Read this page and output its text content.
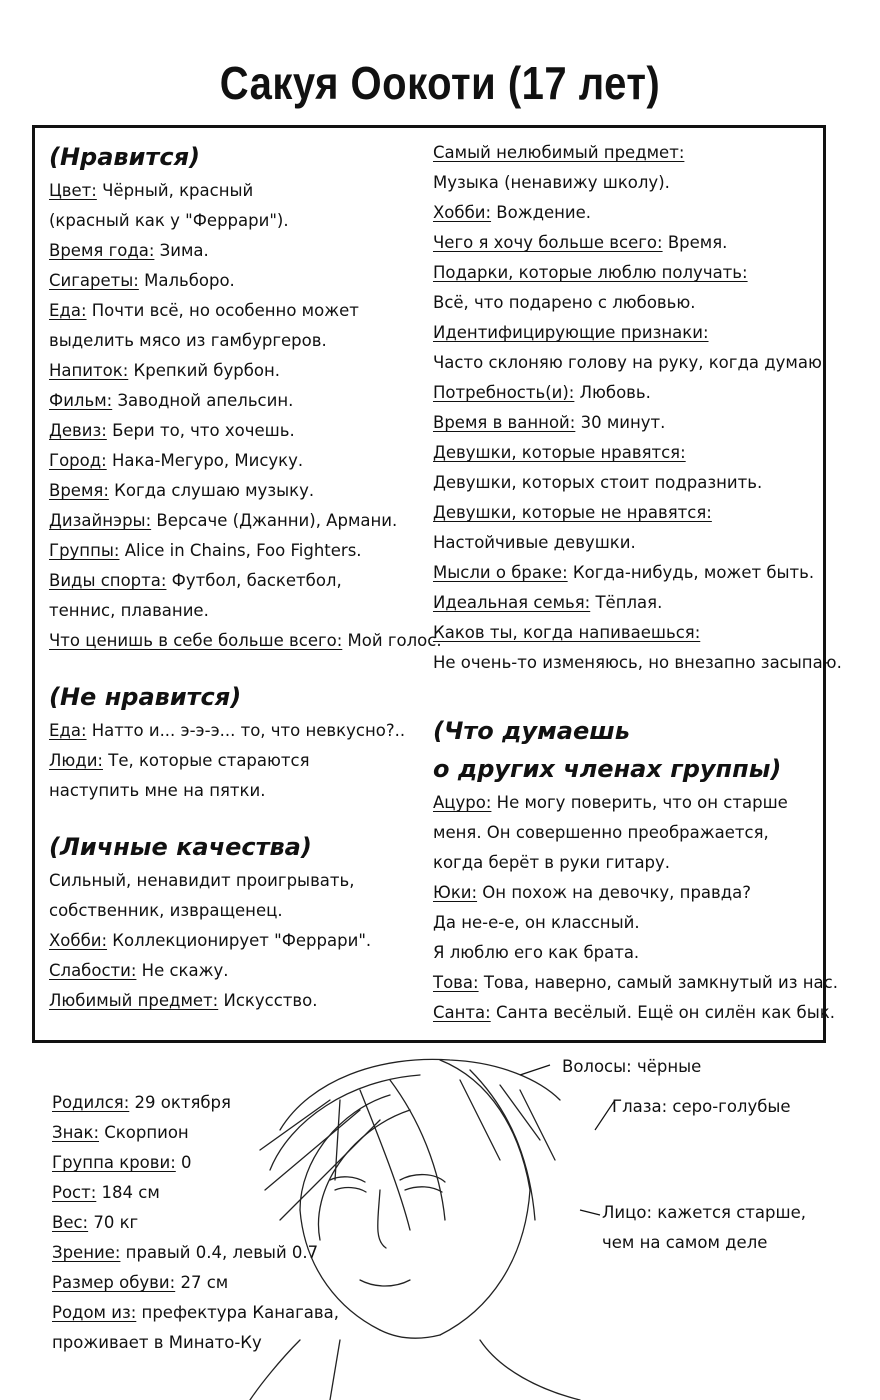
Сакуя Оокоти (17 лет)
(Нравится)
Цвет: Чёрный, красный
(красный как у "Феррари").
Время года: Зима.
Сигареты: Мальборо.
Еда: Почти всё, но особенно может
выделить мясо из гамбургеров.
Напиток: Крепкий бурбон.
Фильм: Заводной апельсин.
Девиз: Бери то, что хочешь.
Город: Нака-Мегуро, Мисуку.
Время: Когда слушаю музыку.
Дизайнэры: Версаче (Джанни), Армани.
Группы: Alice in Chains, Foo Fighters.
Виды спорта: Футбол, баскетбол,
теннис, плавание.
Что ценишь в себе больше всего: Мой голос.
(Не нравится)
Еда: Натто и... э-э-э... то, что невкусно?..
Люди: Те, которые стараются
наступить мне на пятки.
(Личные качества)
Сильный, ненавидит проигрывать,
собственник, извращенец.
Хобби: Коллекционирует "Феррари".
Слабости: Не скажу.
Любимый предмет: Искусство.
Самый нелюбимый предмет:
Музыка (ненавижу школу).
Хобби: Вождение.
Чего я хочу больше всего: Время.
Подарки, которые люблю получать:
Всё, что подарено с любовью.
Идентифицирующие признаки:
Часто склоняю голову на руку, когда думаю.
Потребность(и): Любовь.
Время в ванной: 30 минут.
Девушки, которые нравятся:
Девушки, которых стоит подразнить.
Девушки, которые не нравятся:
Настойчивые девушки.
Мысли о браке: Когда-нибудь, может быть.
Идеальная семья: Тёплая.
Каков ты, когда напиваешься:
Не очень-то изменяюсь, но внезапно засыпаю.
(Что думаешь
о других членах группы)
Ацуро: Не могу поверить, что он старше
меня. Он совершенно преображается,
когда берёт в руки гитару.
Юки: Он похож на девочку, правда?
Да не-е-е, он классный.
Я люблю его как брата.
Това: Това, наверно, самый замкнутый из нас.
Санта: Санта весёлый. Ещё он силён как бык.
Волосы: чёрные
Глаза: серо-голубые
Лицо: кажется старше,
чем на самом деле
Родился: 29 октября
Знак: Скорпион
Группа крови: 0
Рост: 184 см
Вес: 70 кг
Зрение: правый 0.4, левый 0.7
Размер обуви: 27 см
Родом из: префектура Канагава,
проживает в Минато-Ку
